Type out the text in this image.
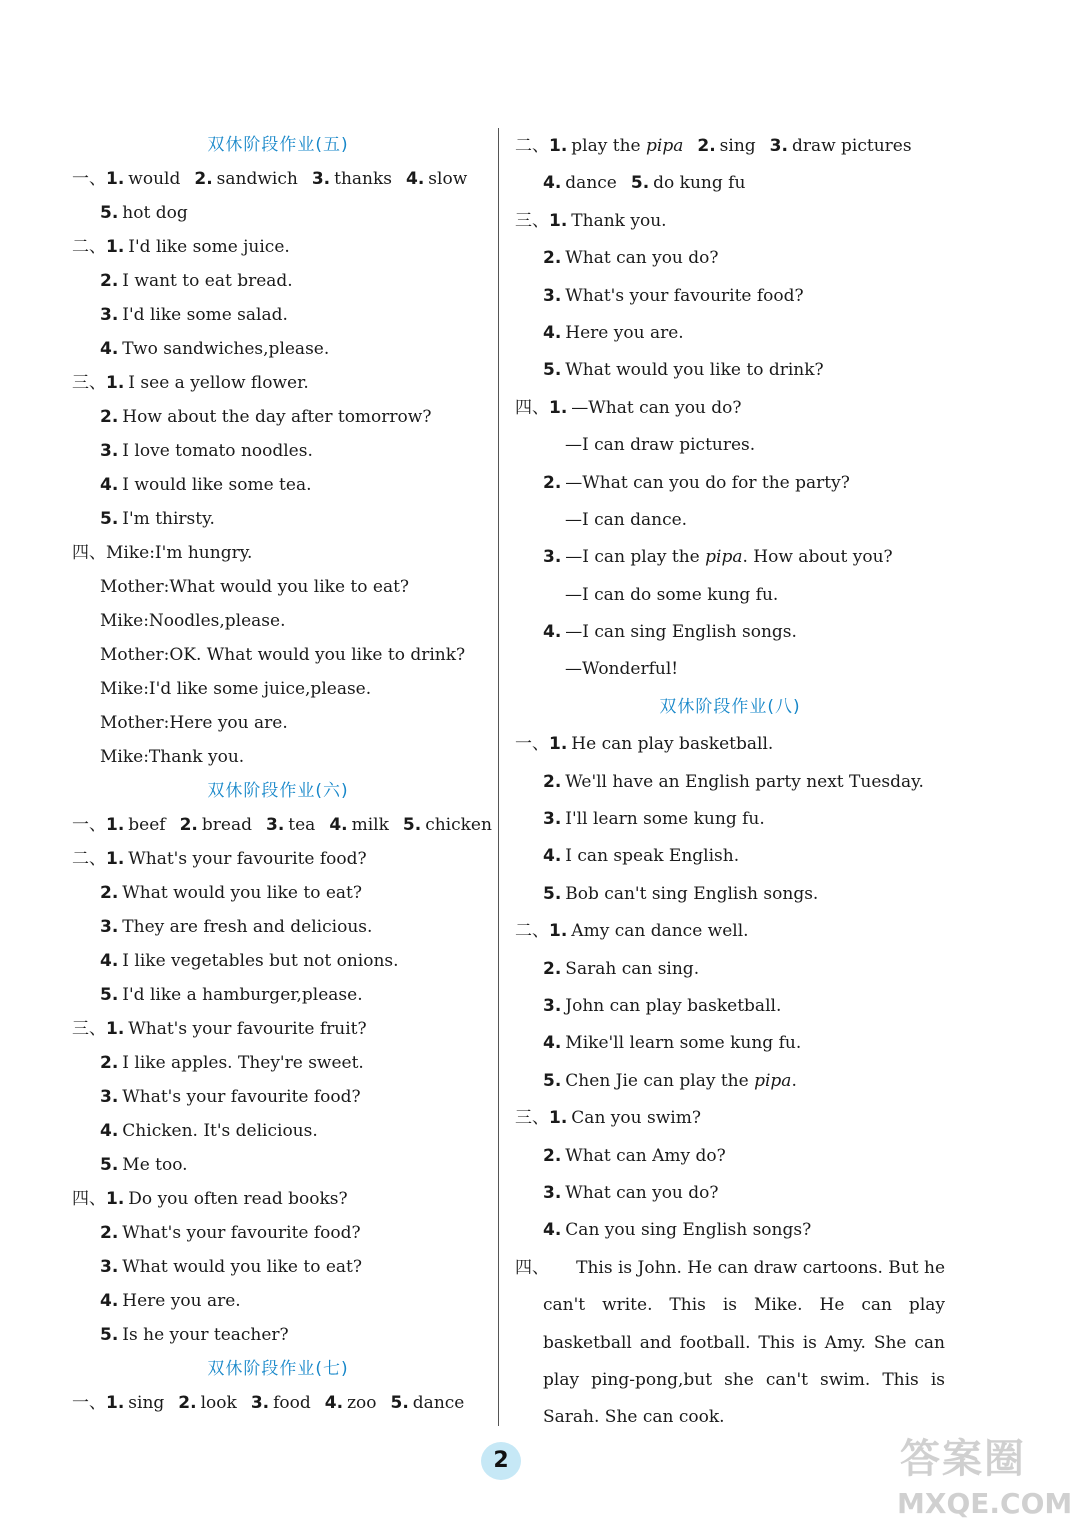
双休阶段作业(五)
一、1. would 2. sandwich 3. thanks 4. slow
5. hot dog
二、1. I'd like some juice.
2. I want to eat bread.
3. I'd like some salad.
4. Two sandwiches,please.
三、1. I see a yellow flower.
2. How about the day after tomorrow?
3. I love tomato noodles.
4. I would like some tea.
5. I'm thirsty.
四、Mike:I'm hungry.
Mother:What would you like to eat?
Mike:Noodles,please.
Mother:OK. What would you like to drink?
Mike:I'd like some juice,please.
Mother:Here you are.
Mike:Thank you.
双休阶段作业(六)
一、1. beef 2. bread 3. tea 4. milk 5. chicken
二、1. What's your favourite food?
2. What would you like to eat?
3. They are fresh and delicious.
4. I like vegetables but not onions.
5. I'd like a hamburger,please.
三、1. What's your favourite fruit?
2. I like apples. They're sweet.
3. What's your favourite food?
4. Chicken. It's delicious.
5. Me too.
四、1. Do you often read books?
2. What's your favourite food?
3. What would you like to eat?
4. Here you are.
5. Is he your teacher?
双休阶段作业(七)
一、1. sing 2. look 3. food 4. zoo 5. dance
二、1. play the pipa 2. sing 3. draw pictures
4. dance 5. do kung fu
三、1. Thank you.
2. What can you do?
3. What's your favourite food?
4. Here you are.
5. What would you like to drink?
四、1. —What can you do?
—I can draw pictures.
2. —What can you do for the party?
—I can dance.
3. —I can play the pipa. How about you?
—I can do some kung fu.
4. —I can sing English songs.
—Wonderful!
双休阶段作业(八)
一、1. He can play basketball.
2. We'll have an English party next Tuesday.
3. I'll learn some kung fu.
4. I can speak English.
5. Bob can't sing English songs.
二、1. Amy can dance well.
2. Sarah can sing.
3. John can play basketball.
4. Mike'll learn some kung fu.
5. Chen Jie can play the pipa.
三、1. Can you swim?
2. What can Amy do?
3. What can you do?
4. Can you sing English songs?
四、 This is John. He can draw cartoons. But he can't write. This is Mike. He can play basketball and football. This is Amy. She can play ping-pong,but she can't swim. This is Sarah. She can cook.
2	答案圈
MXQE.COM
